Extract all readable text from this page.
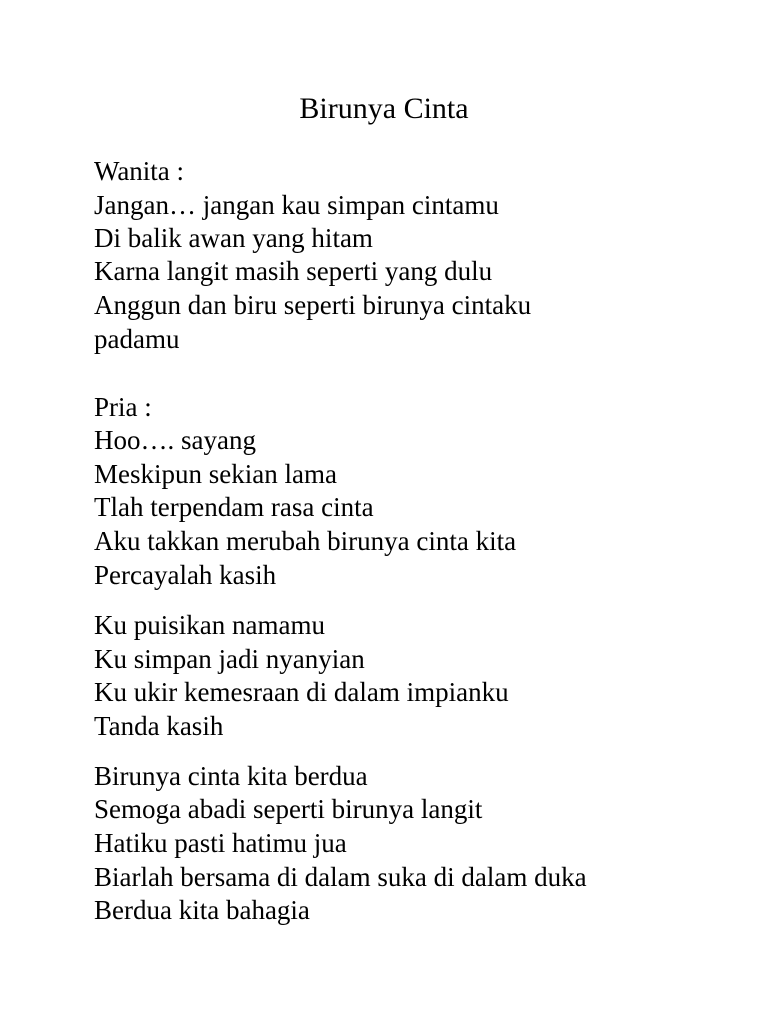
Birunya Cinta
Wanita :
Jangan… jangan kau simpan cintamu
Di balik awan yang hitam
Karna langit masih seperti yang dulu
Anggun dan biru seperti birunya cintaku
padamu
Pria :
Hoo…. sayang
Meskipun sekian lama
Tlah terpendam rasa cinta
Aku takkan merubah birunya cinta kita
Percayalah kasih
Ku puisikan namamu
Ku simpan jadi nyanyian
Ku ukir kemesraan di dalam impianku
Tanda kasih
Birunya cinta kita berdua
Semoga abadi seperti birunya langit
Hatiku pasti hatimu jua
Biarlah bersama di dalam suka di dalam duka
Berdua kita bahagia
